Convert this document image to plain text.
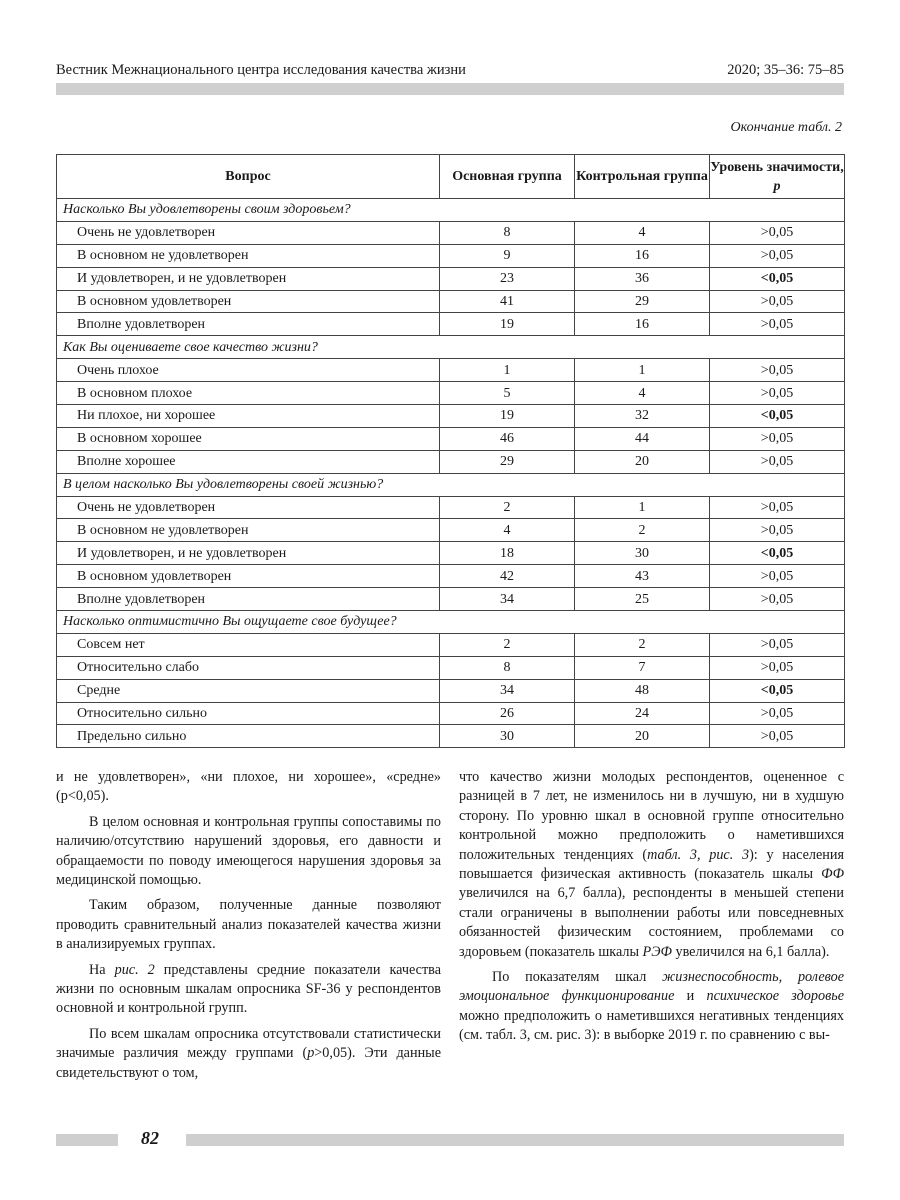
Вестник Межнационального центра исследования качества жизни	2020; 35–36: 75–85
Окончание табл. 2
Вопрос	Основная группа	Контрольная группа	Уровень значимости, p
Насколько Вы удовлетворены своим здоровьем?			
Очень не удовлетворен	8	4	>0,05
В основном не удовлетворен	9	16	>0,05
И удовлетворен, и не удовлетворен	23	36	<0,05
В основном удовлетворен	41	29	>0,05
Вполне удовлетворен	19	16	>0,05
Как Вы оцениваете свое качество жизни?			
Очень плохое	1	1	>0,05
В основном плохое	5	4	>0,05
Ни плохое, ни хорошее	19	32	<0,05
В основном хорошее	46	44	>0,05
Вполне хорошее	29	20	>0,05
В целом насколько Вы удовлетворены своей жизнью?			
Очень не удовлетворен	2	1	>0,05
В основном не удовлетворен	4	2	>0,05
И удовлетворен, и не удовлетворен	18	30	<0,05
В основном удовлетворен	42	43	>0,05
Вполне удовлетворен	34	25	>0,05
Насколько оптимистично Вы ощущаете свое будущее?			
Совсем нет	2	2	>0,05
Относительно слабо	8	7	>0,05
Средне	34	48	<0,05
Относительно сильно	26	24	>0,05
Предельно сильно	30	20	>0,05

и не удовлетворен», «ни плохое, ни хорошее», «средне» (p<0,05).

В целом основная и контрольная группы сопоставимы по наличию/отсутствию нарушений здоровья, его давности и обращаемости по поводу имеющегося нарушения здоровья за медицинской помощью.

Таким образом, полученные данные позволяют проводить сравнительный анализ показателей качества жизни в анализируемых группах.

На рис. 2 представлены средние показатели качества жизни по основным шкалам опросника SF-36 у респондентов основной и контрольной групп.

По всем шкалам опросника отсутствовали статистически значимые различия между группами (p>0,05). Эти данные свидетельствуют о том,

что качество жизни молодых респондентов, оцененное с разницей в 7 лет, не изменилось ни в лучшую, ни в худшую сторону. По уровню шкал в основной группе относительно контрольной можно предположить о наметившихся положительных тенденциях (табл. 3, рис. 3): у населения повышается физическая активность (показатель шкалы ФФ увеличился на 6,7 балла), респонденты в меньшей степени стали ограничены в выполнении работы или повседневных обязанностей физическим состоянием, проблемами со здоровьем (показатель шкалы РЭФ увеличился на 6,1 балла).

По показателям шкал жизнеспособность, ролевое эмоциональное функционирование и психическое здоровье можно предположить о наметившихся негативных тенденциях (см. табл. 3, см. рис. 3): в выборке 2019 г. по сравнению с вы-

82
